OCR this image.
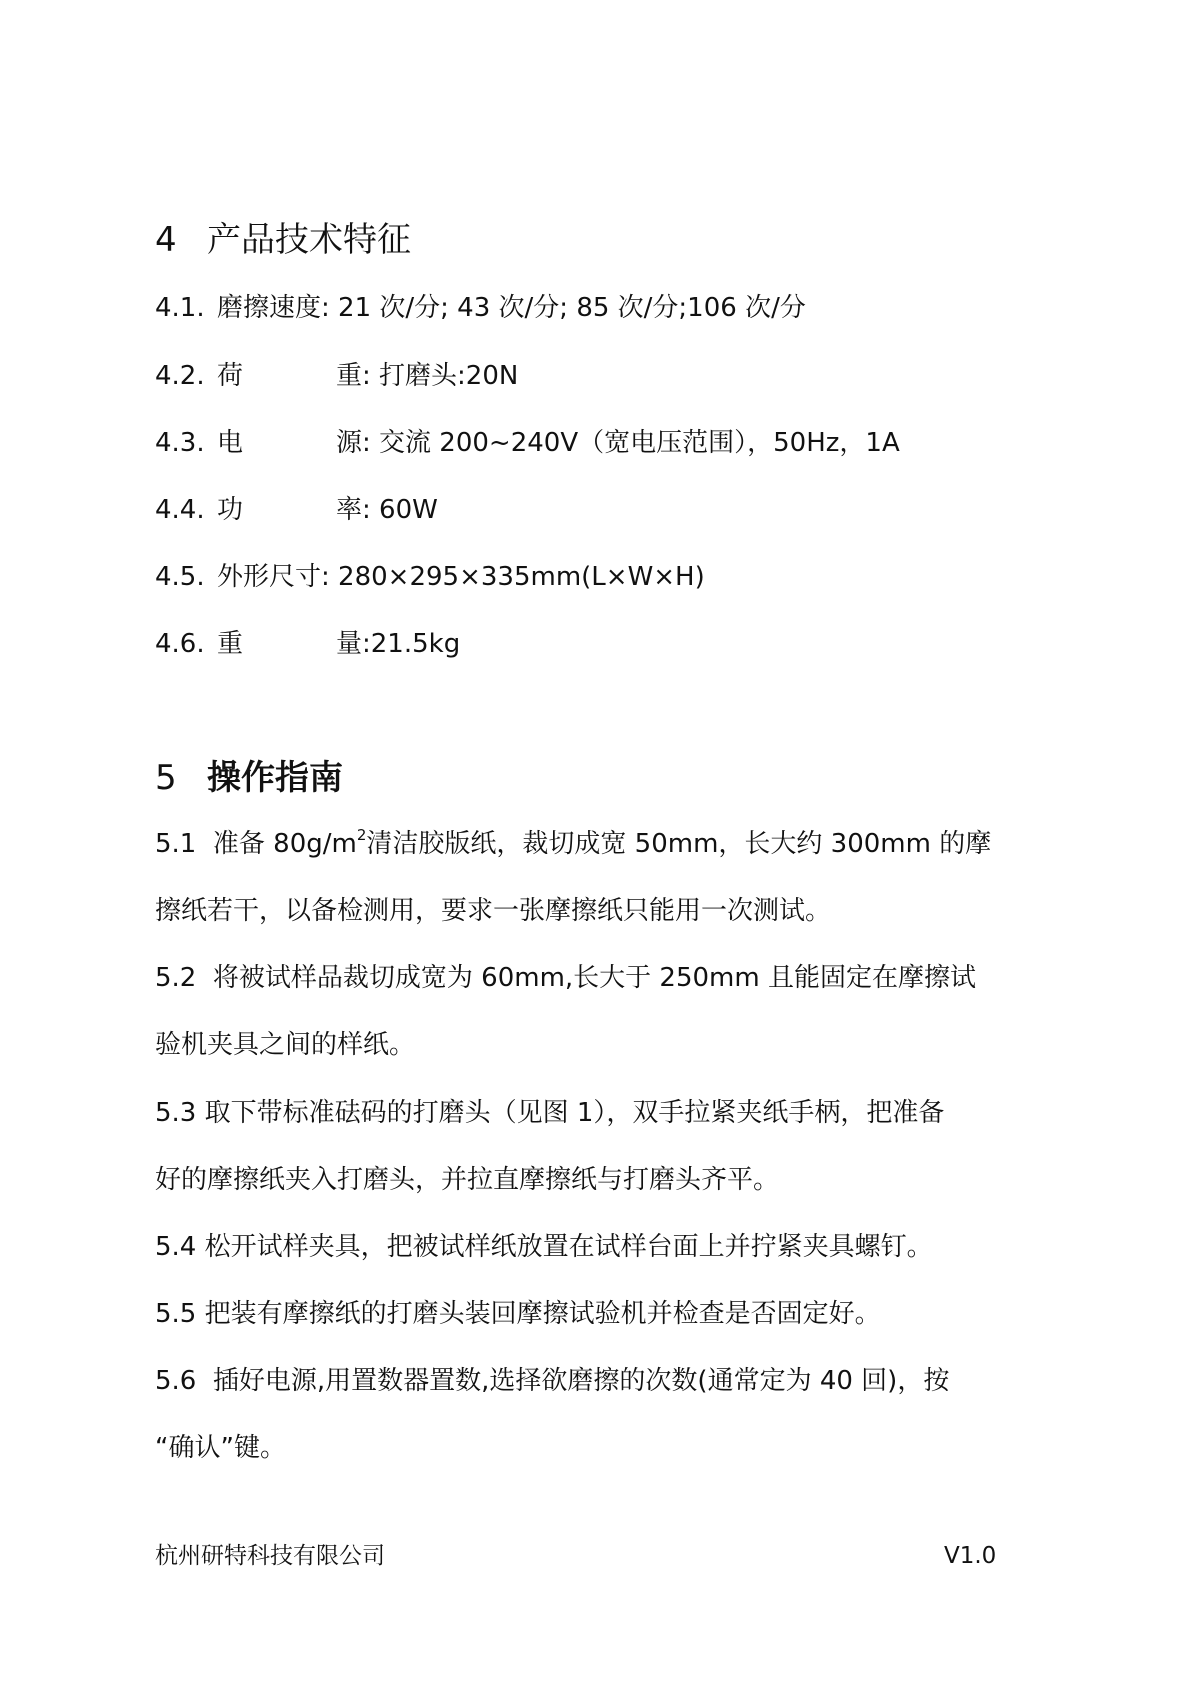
4 产品技术特征
4.1. 磨擦速度: 21 次/分; 43 次/分; 85 次/分;106 次/分
4.2. 荷重: 打磨头:20N
4.3. 电源: 交流 200~240V（宽电压范围），50Hz，1A
4.4. 功率: 60W
4.5. 外形尺寸: 280×295×335mm(L×W×H)
4.6. 重量:21.5kg
5 操作指南
5.1 准备 $80g/m^2$清洁胶版纸，裁切成宽 50mm，长大约 300mm 的摩
擦纸若干，以备检测用，要求一张摩擦纸只能用一次测试。
5.2 将被试样品裁切成宽为 60mm,长大于 250mm 且能固定在摩擦试
验机夹具之间的样纸。
5.3 取下带标准砝码的打磨头（见图 1），双手拉紧夹纸手柄，把准备
好的摩擦纸夹入打磨头，并拉直摩擦纸与打磨头齐平。
5.4 松开试样夹具，把被试样纸放置在试样台面上并拧紧夹具螺钉。
5.5 把装有摩擦纸的打磨头装回摩擦试验机并检查是否固定好。
5.6 插好电源,用置数器置数,选择欲磨擦的次数(通常定为 40 回)，按
“确认”键。
杭州研特科技有限公司	V1.0
